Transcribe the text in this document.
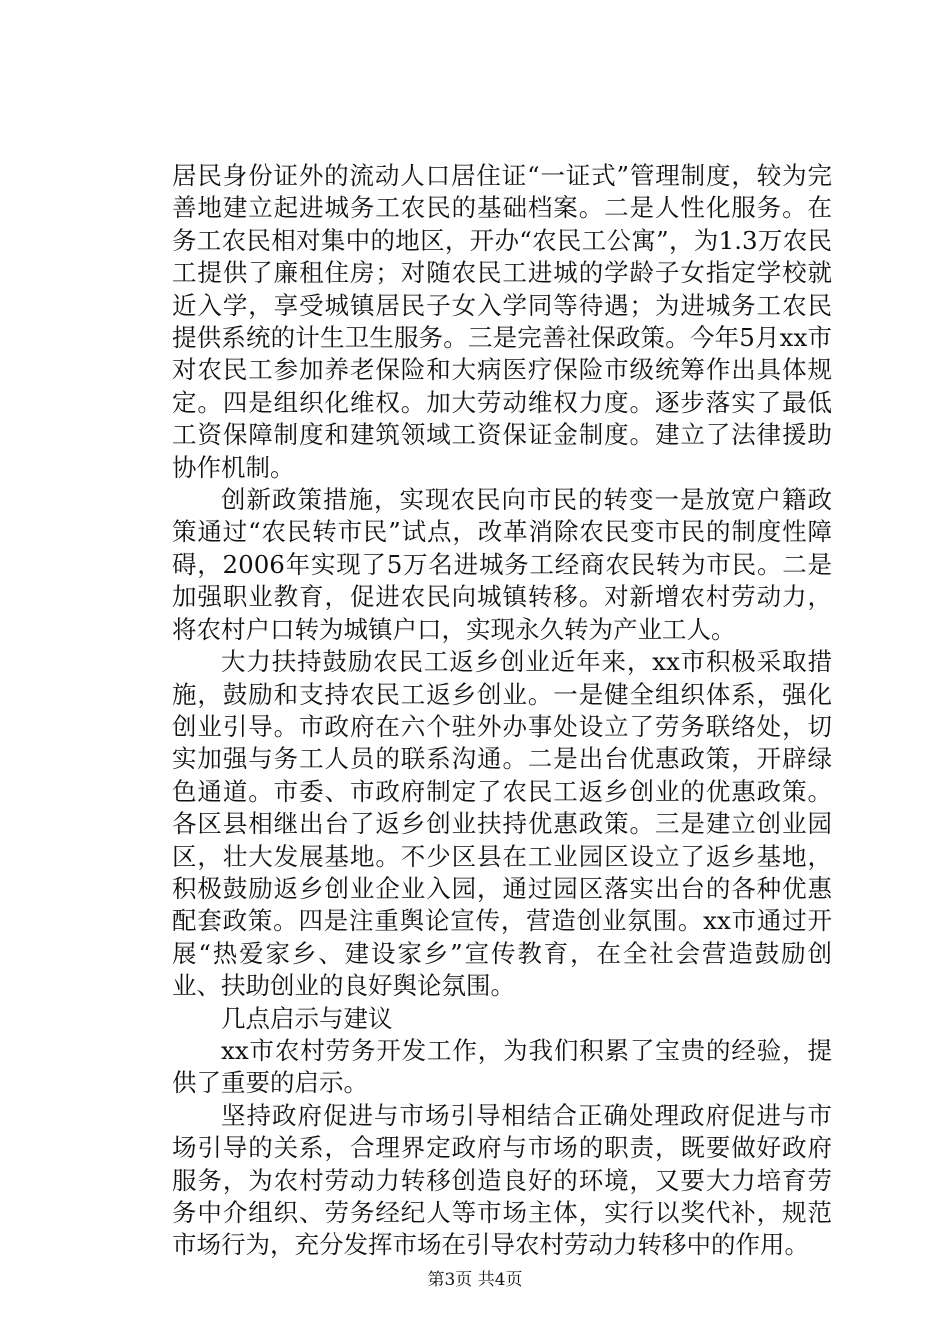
居民身份证外的流动人口居住证“一证式”管理制度，较为完善地建立起进城务工农民的基础档案。二是人性化服务。在务工农民相对集中的地区，开办“农民工公寓”，为1.3万农民工提供了廉租住房；对随农民工进城的学龄子女指定学校就近入学，享受城镇居民子女入学同等待遇；为进城务工农民提供系统的计生卫生服务。三是完善社保政策。今年5月xx市对农民工参加养老保险和大病医疗保险市级统筹作出具体规定。四是组织化维权。加大劳动维权力度。逐步落实了最低工资保障制度和建筑领域工资保证金制度。建立了法律援助协作机制。

创新政策措施，实现农民向市民的转变一是放宽户籍政策通过“农民转市民”试点，改革消除农民变市民的制度性障碍，2006年实现了5万名进城务工经商农民转为市民。二是加强职业教育，促进农民向城镇转移。对新增农村劳动力，将农村户口转为城镇户口，实现永久转为产业工人。

大力扶持鼓励农民工返乡创业近年来，xx市积极采取措施，鼓励和支持农民工返乡创业。一是健全组织体系，强化创业引导。市政府在六个驻外办事处设立了劳务联络处，切实加强与务工人员的联系沟通。二是出台优惠政策，开辟绿色通道。市委、市政府制定了农民工返乡创业的优惠政策。各区县相继出台了返乡创业扶持优惠政策。三是建立创业园区，壮大发展基地。不少区县在工业园区设立了返乡基地，积极鼓励返乡创业企业入园，通过园区落实出台的各种优惠配套政策。四是注重舆论宣传，营造创业氛围。xx市通过开展“热爱家乡、建设家乡”宣传教育，在全社会营造鼓励创业、扶助创业的良好舆论氛围。

几点启示与建议

xx市农村劳务开发工作，为我们积累了宝贵的经验，提供了重要的启示。

坚持政府促进与市场引导相结合正确处理政府促进与市场引导的关系，合理界定政府与市场的职责，既要做好政府服务，为农村劳动力转移创造良好的环境，又要大力培育劳务中介组织、劳务经纪人等市场主体，实行以奖代补，规范市场行为，充分发挥市场在引导农村劳动力转移中的作用。

第3页 共4页
